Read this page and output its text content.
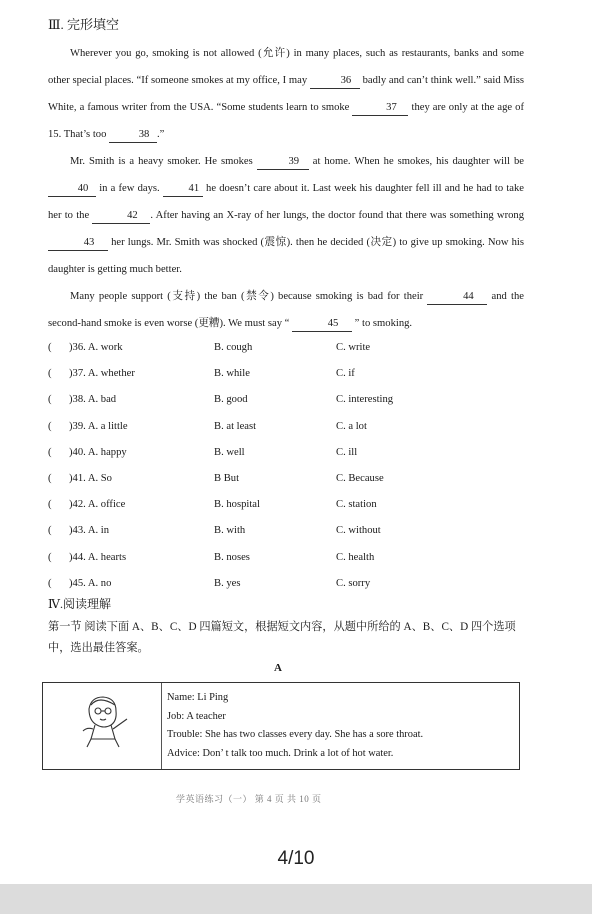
Ⅲ. 完形填空

Wherever you go, smoking is not allowed (允许) in many places, such as restaurants, banks and some other special places. “If someone smokes at my office, I may	36 badly and can’t think well.” said Miss White, a famous writer from the USA. “Some students learn to smoke	37 they are only at the age of 15. That’s too	38 .”

Mr. Smith is a heavy smoker. He smokes	39 at home. When he smokes, his daughter will be 40 in a few days. 41 he doesn’t care about it. Last week his daughter fell ill and he had to take her to the	42 . After having an X-ray of her lungs, the doctor found that there was something wrong 43 her lungs. Mr. Smith was shocked (震惊). then he decided (决定) to give up smoking. Now his daughter is getting much better.

Many people support (支持) the ban (禁令) because smoking is bad for their	44 and the second-hand smoke is even worse (更糟). We must say “	45 ” to smoking.

( )36. A. work	B. cough	C. write
( )37. A. whether	B. while	C. if
( )38. A. bad	B. good	C. interesting
( )39. A. a little	B. at least	C. a lot
( )40. A. happy	B. well	C. ill
( )41. A. So	B But	C. Because
( )42. A. office	B. hospital	C. station
( )43. A. in	B. with	C. without
( )44. A. hearts	B. noses	C. health
( )45. A. no	B. yes	C. sorry
Ⅳ.阅读理解
第一节 阅读下面 A、B、C、D 四篇短文，根据短文内容，从题中所给的 A、B、C、D 四个选项中，选出最佳答案。
A
Name: Li Ping
Job: A teacher
Trouble: She has two classes every day. She has a sore throat.
Advice: Don’ t talk too much. Drink a lot of hot water.
学英语练习（一） 第 4 页 共 10 页
4/10
